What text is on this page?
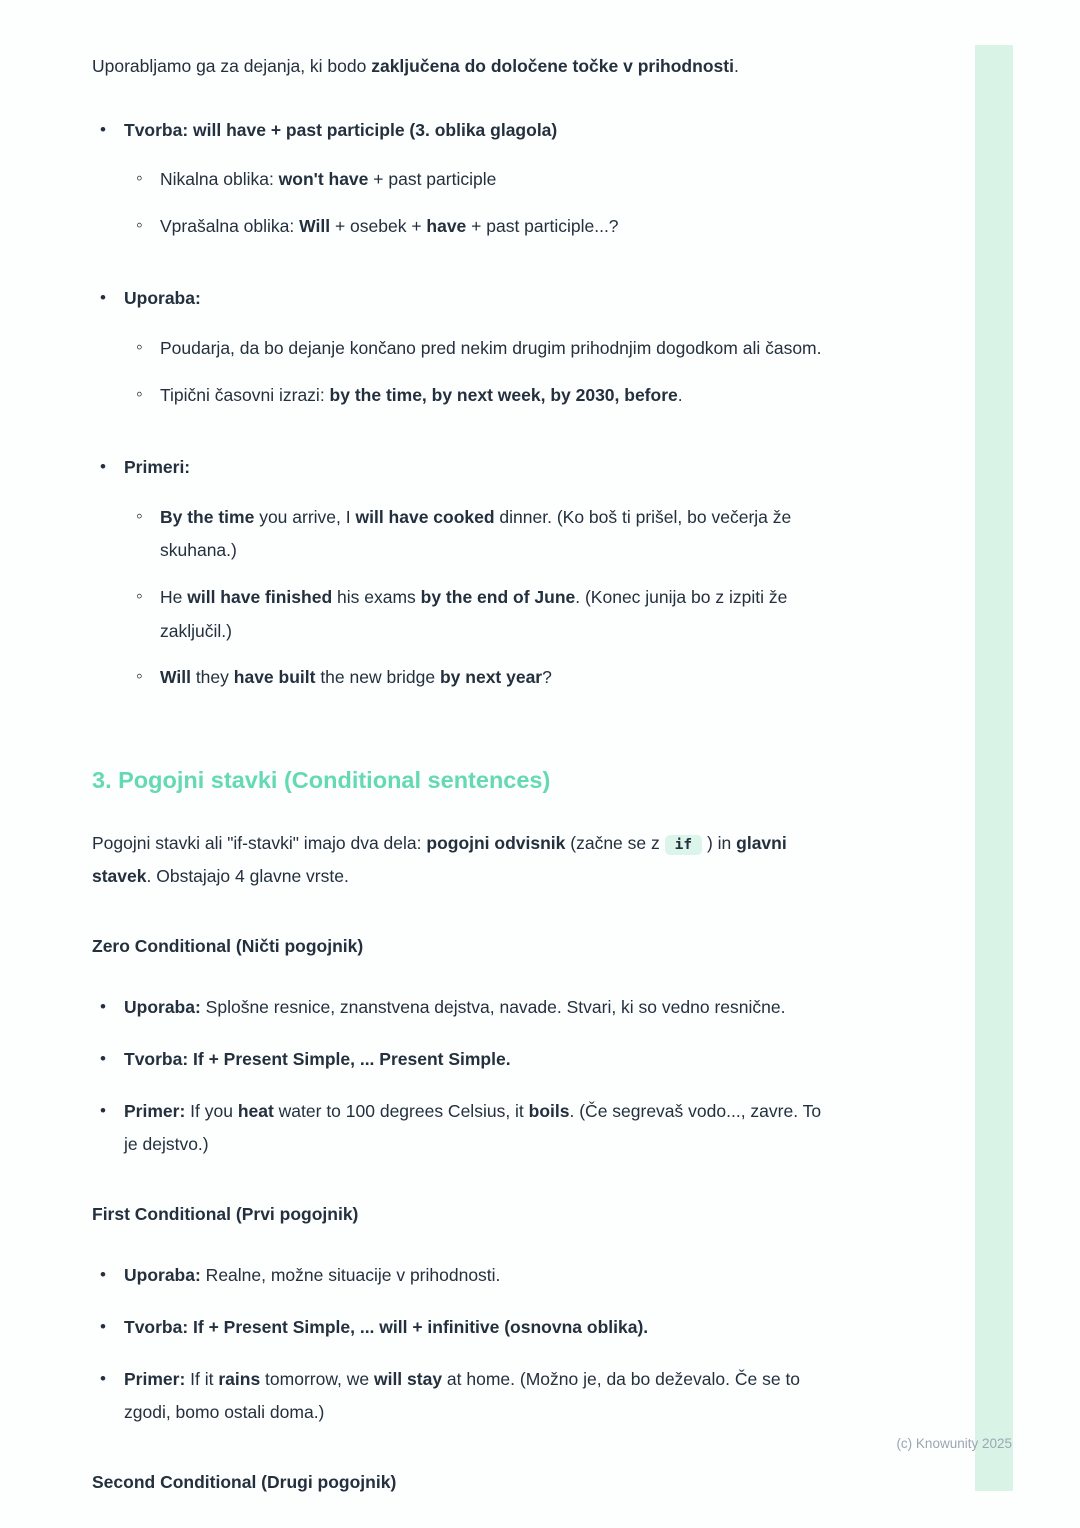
Uporabljamo ga za dejanja, ki bodo zaključena do določene točke v prihodnosti.

•	Tvorba: will have + past participle (3. oblika glagola)
◦ Nikalna oblika: won't have + past participle
◦ Vprašalna oblika: Will + osebek + have + past participle...?
•	Uporaba:
◦ Poudarja, da bo dejanje končano pred nekim drugim prihodnjim dogodkom ali časom.
◦ Tipični časovni izrazi: by the time, by next week, by 2030, before.
•	Primeri:
◦ By the time you arrive, I will have cooked dinner. (Ko boš ti prišel, bo večerja že skuhana.)
◦ He will have finished his exams by the end of June. (Konec junija bo z izpiti že zaključil.)
◦ Will they have built the new bridge by next year?
3. Pogojni stavki (Conditional sentences)

Pogojni stavki ali "if-stavki" imajo dva dela: pogojni odvisnik (začne se z if ) in glavni stavek. Obstajajo 4 glavne vrste.

Zero Conditional (Ničti pogojnik)

•	Uporaba: Splošne resnice, znanstvena dejstva, navade. Stvari, ki so vedno resnične.
•	Tvorba: If + Present Simple, ... Present Simple.
•	Primer: If you heat water to 100 degrees Celsius, it boils. (Če segrevaš vodo..., zavre. To je dejstvo.)

First Conditional (Prvi pogojnik)

•	Uporaba: Realne, možne situacije v prihodnosti.
•	Tvorba: If + Present Simple, ... will + infinitive (osnovna oblika).
•	Primer: If it rains tomorrow, we will stay at home. (Možno je, da bo deževalo. Če se to zgodi, bomo ostali doma.)

Second Conditional (Drugi pogojnik)

(c) Knowunity 2025
